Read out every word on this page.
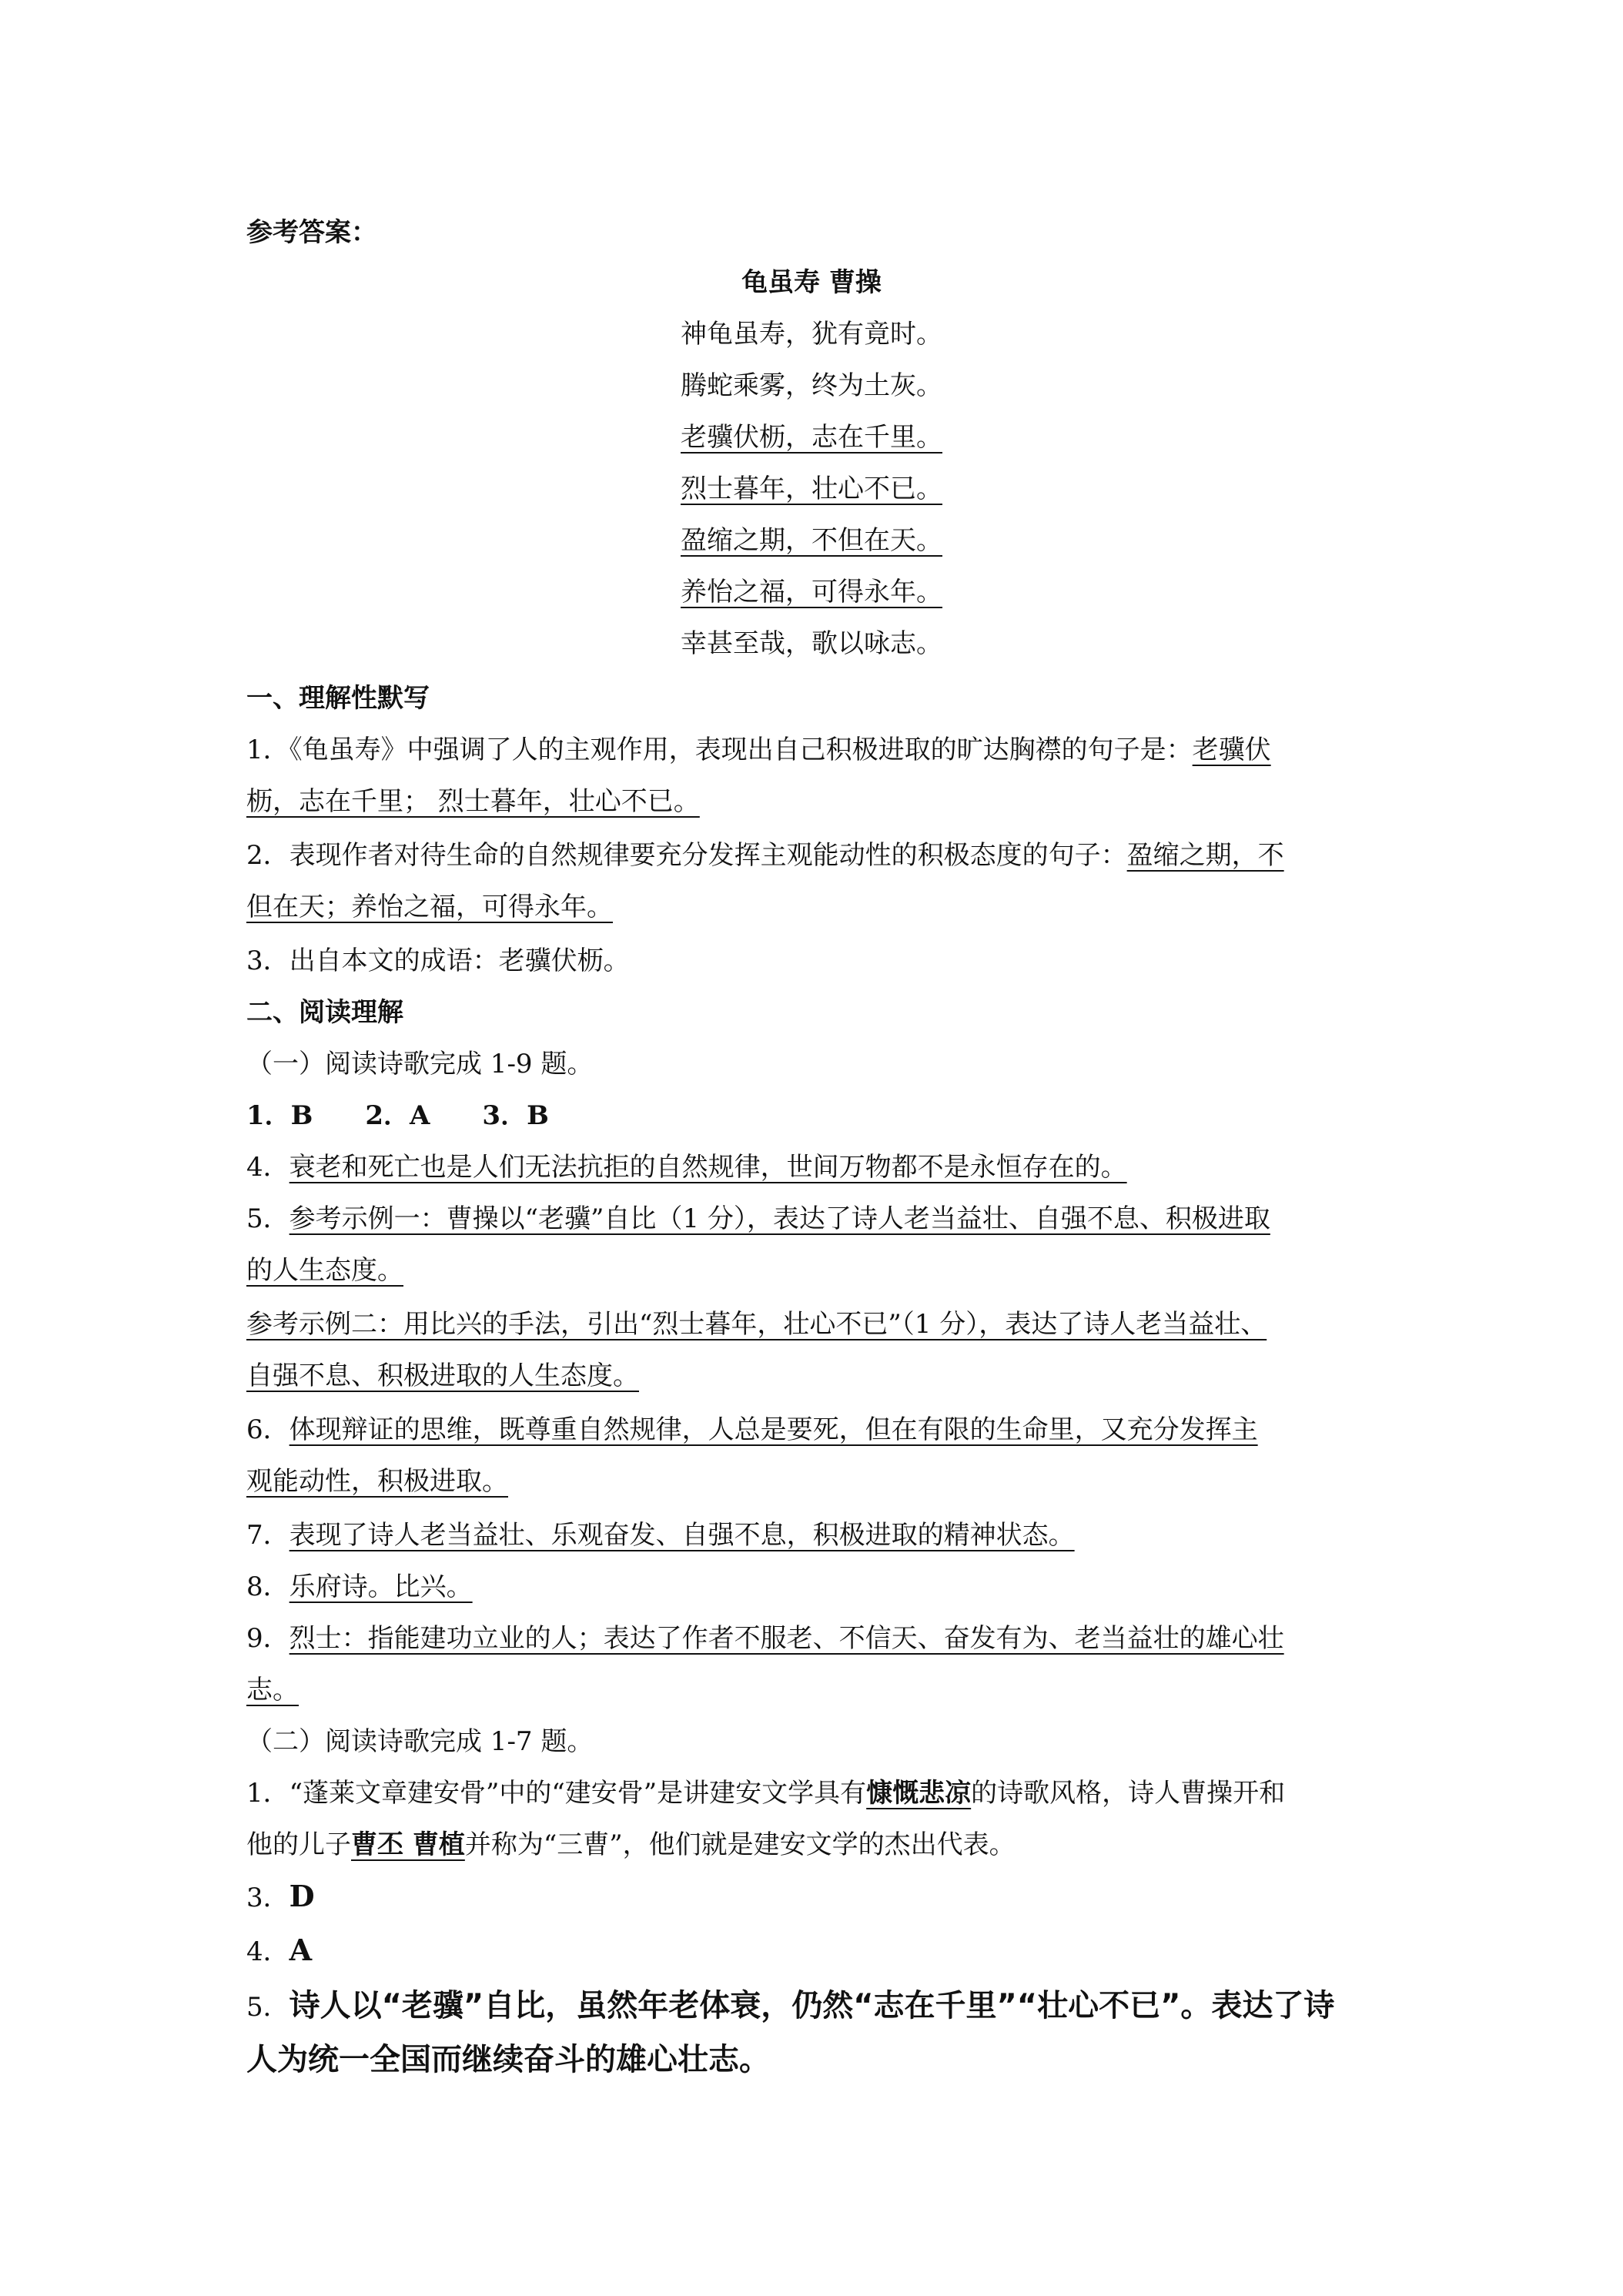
参考答案：
龟虽寿 曹操
神龟虽寿，犹有竟时。
腾蛇乘雾，终为土灰。
老骥伏枥，志在千里。
烈士暮年，壮心不已。
盈缩之期，不但在天。
养怡之福，可得永年。
幸甚至哉，歌以咏志。
一、理解性默写
1．《龟虽寿》中强调了人的主观作用，表现出自己积极进取的旷达胸襟的句子是：老骥伏
枥，志在千里； 烈士暮年，壮心不已。
2．表现作者对待生命的自然规律要充分发挥主观能动性的积极态度的句子：盈缩之期，不
但在天；养怡之福，可得永年。
3．出自本文的成语：老骥伏枥。
二、阅读理解
（一）阅读诗歌完成 1-9 题。
1．B　　2．A　　3．B
4．衰老和死亡也是人们无法抗拒的自然规律，世间万物都不是永恒存在的。
5．参考示例一：曹操以“老骥”自比（1 分），表达了诗人老当益壮、自强不息、积极进取
的人生态度。
参考示例二：用比兴的手法，引出“烈士暮年，壮心不已”（1 分），表达了诗人老当益壮、
自强不息、积极进取的人生态度。
6．体现辩证的思维，既尊重自然规律，人总是要死，但在有限的生命里，又充分发挥主
观能动性，积极进取。
7．表现了诗人老当益壮、乐观奋发、自强不息，积极进取的精神状态。
8．乐府诗。比兴。
9．烈士：指能建功立业的人；表达了作者不服老、不信天、奋发有为、老当益壮的雄心壮
志。
（二）阅读诗歌完成 1-7 题。
1．“蓬莱文章建安骨”中的“建安骨”是讲建安文学具有慷慨悲凉的诗歌风格，诗人曹操开和
他的儿子曹丕 曹植并称为“三曹”，他们就是建安文学的杰出代表。
3．D
4．A
5．诗人以“老骥”自比，虽然年老体衰，仍然“志在千里”“壮心不已”。表达了诗
人为统一全国而继续奋斗的雄心壮志。
